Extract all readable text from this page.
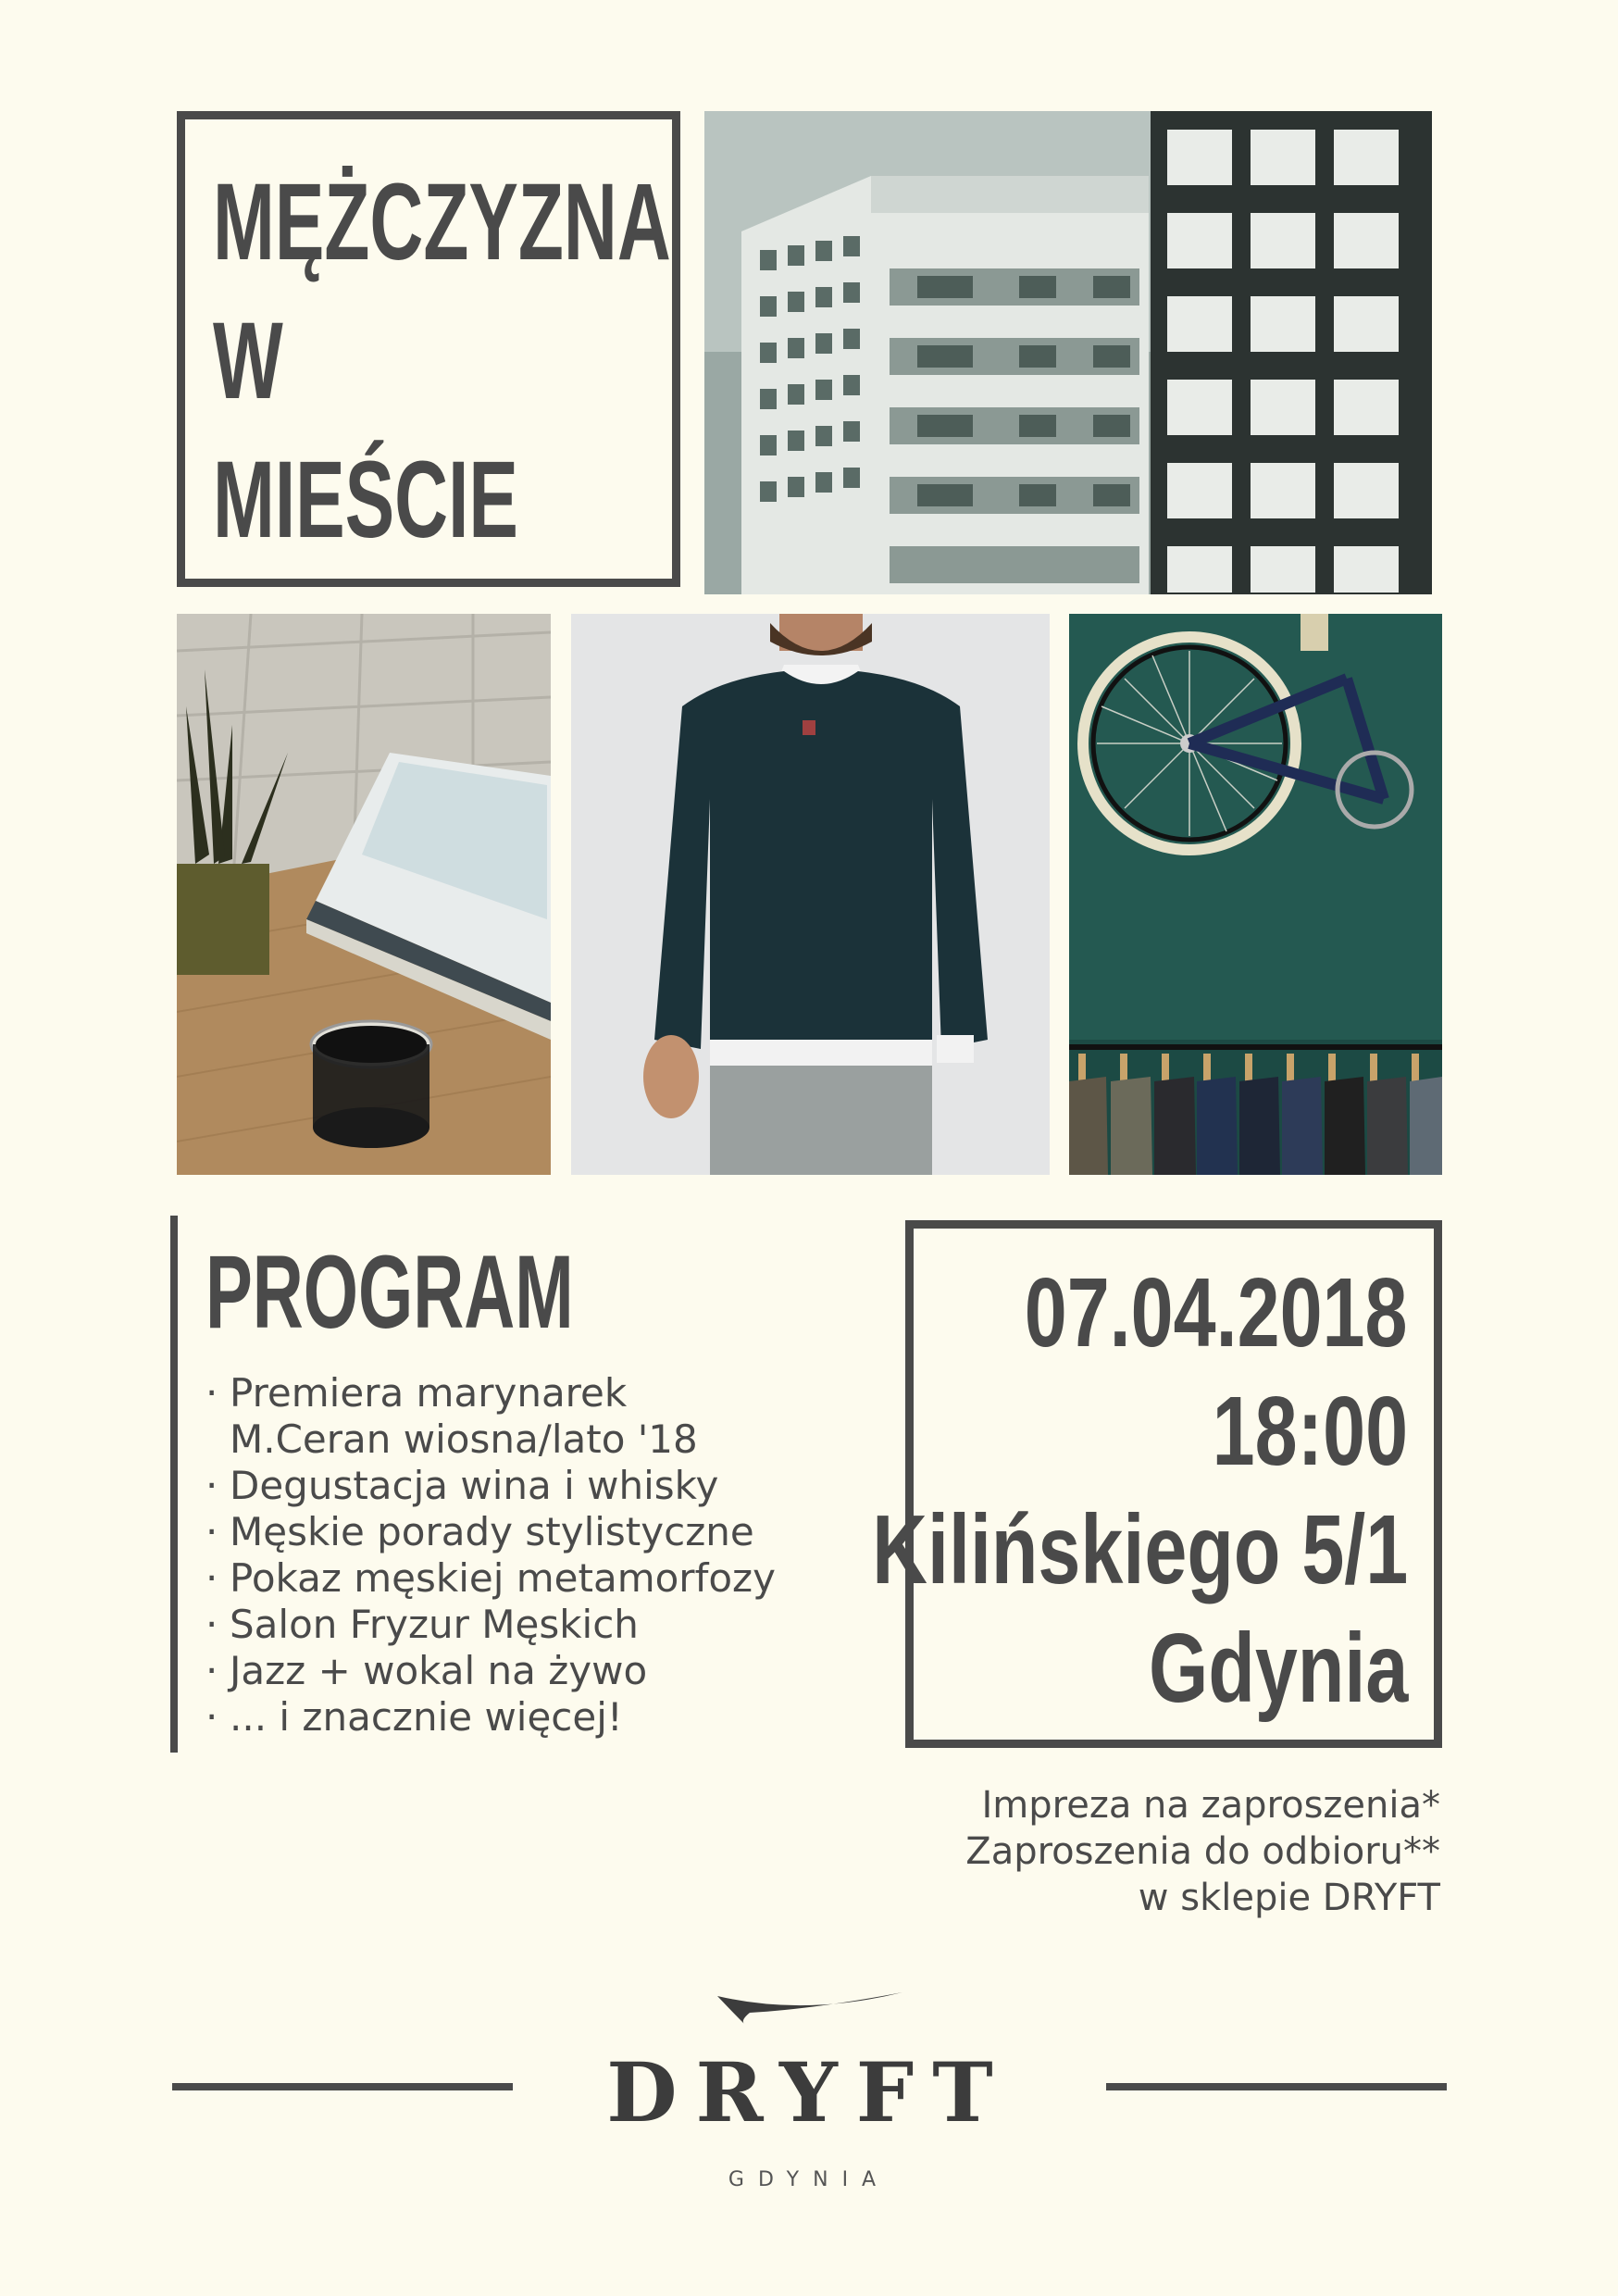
MĘŻCZYZNA
W
MIEŚCIE
PROGRAM
· Premiera marynarek
M.Ceran wiosna/lato '18
· Degustacja wina i whisky
· Męskie porady stylistyczne
· Pokaz męskiej metamorfozy
· Salon Fryzur Męskich
· Jazz + wokal na żywo
· ... i znacznie więcej!
07.04.2018
18:00
Kilińskiego 5/1
Gdynia
Impreza na zaproszenia*
Zaproszenia do odbioru**
w sklepie DRYFT
DRYFT
GDYNIA
